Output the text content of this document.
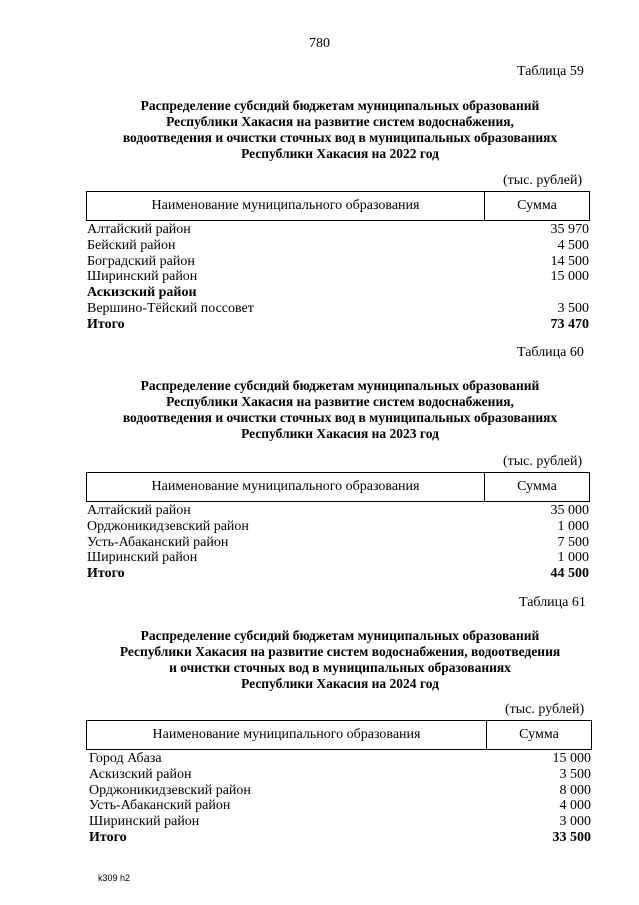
780
Таблица 59
Распределение субсидий бюджетам муниципальных образований
Республики Хакасия на развитие систем водоснабжения,
водоотведения и очистки сточных вод в муниципальных образованиях
Республики Хакасия на 2022 год
(тыс. рублей)
Наименование муниципального образования	Сумма
Алтайский район	35 970
Бейский район	4 500
Боградский район	14 500
Ширинский район	15 000
Аскизский район
Вершино-Тёйский поссовет	3 500
Итого	73 470
Таблица 60
Распределение субсидий бюджетам муниципальных образований
Республики Хакасия на развитие систем водоснабжения,
водоотведения и очистки сточных вод в муниципальных образованиях
Республики Хакасия на 2023 год
(тыс. рублей)
Наименование муниципального образования	Сумма
Алтайский район	35 000
Орджоникидзевский район	1 000
Усть-Абаканский район	7 500
Ширинский район	1 000
Итого	44 500
Таблица 61
Распределение субсидий бюджетам муниципальных образований
Республики Хакасия на развитие систем водоснабжения, водоотведения
и очистки сточных вод в муниципальных образованиях
Республики Хакасия на 2024 год
(тыс. рублей)
Наименование муниципального образования	Сумма
Город Абаза	15 000
Аскизский район	3 500
Орджоникидзевский район	8 000
Усть-Абаканский район	4 000
Ширинский район	3 000
Итого	33 500
k309 h2
